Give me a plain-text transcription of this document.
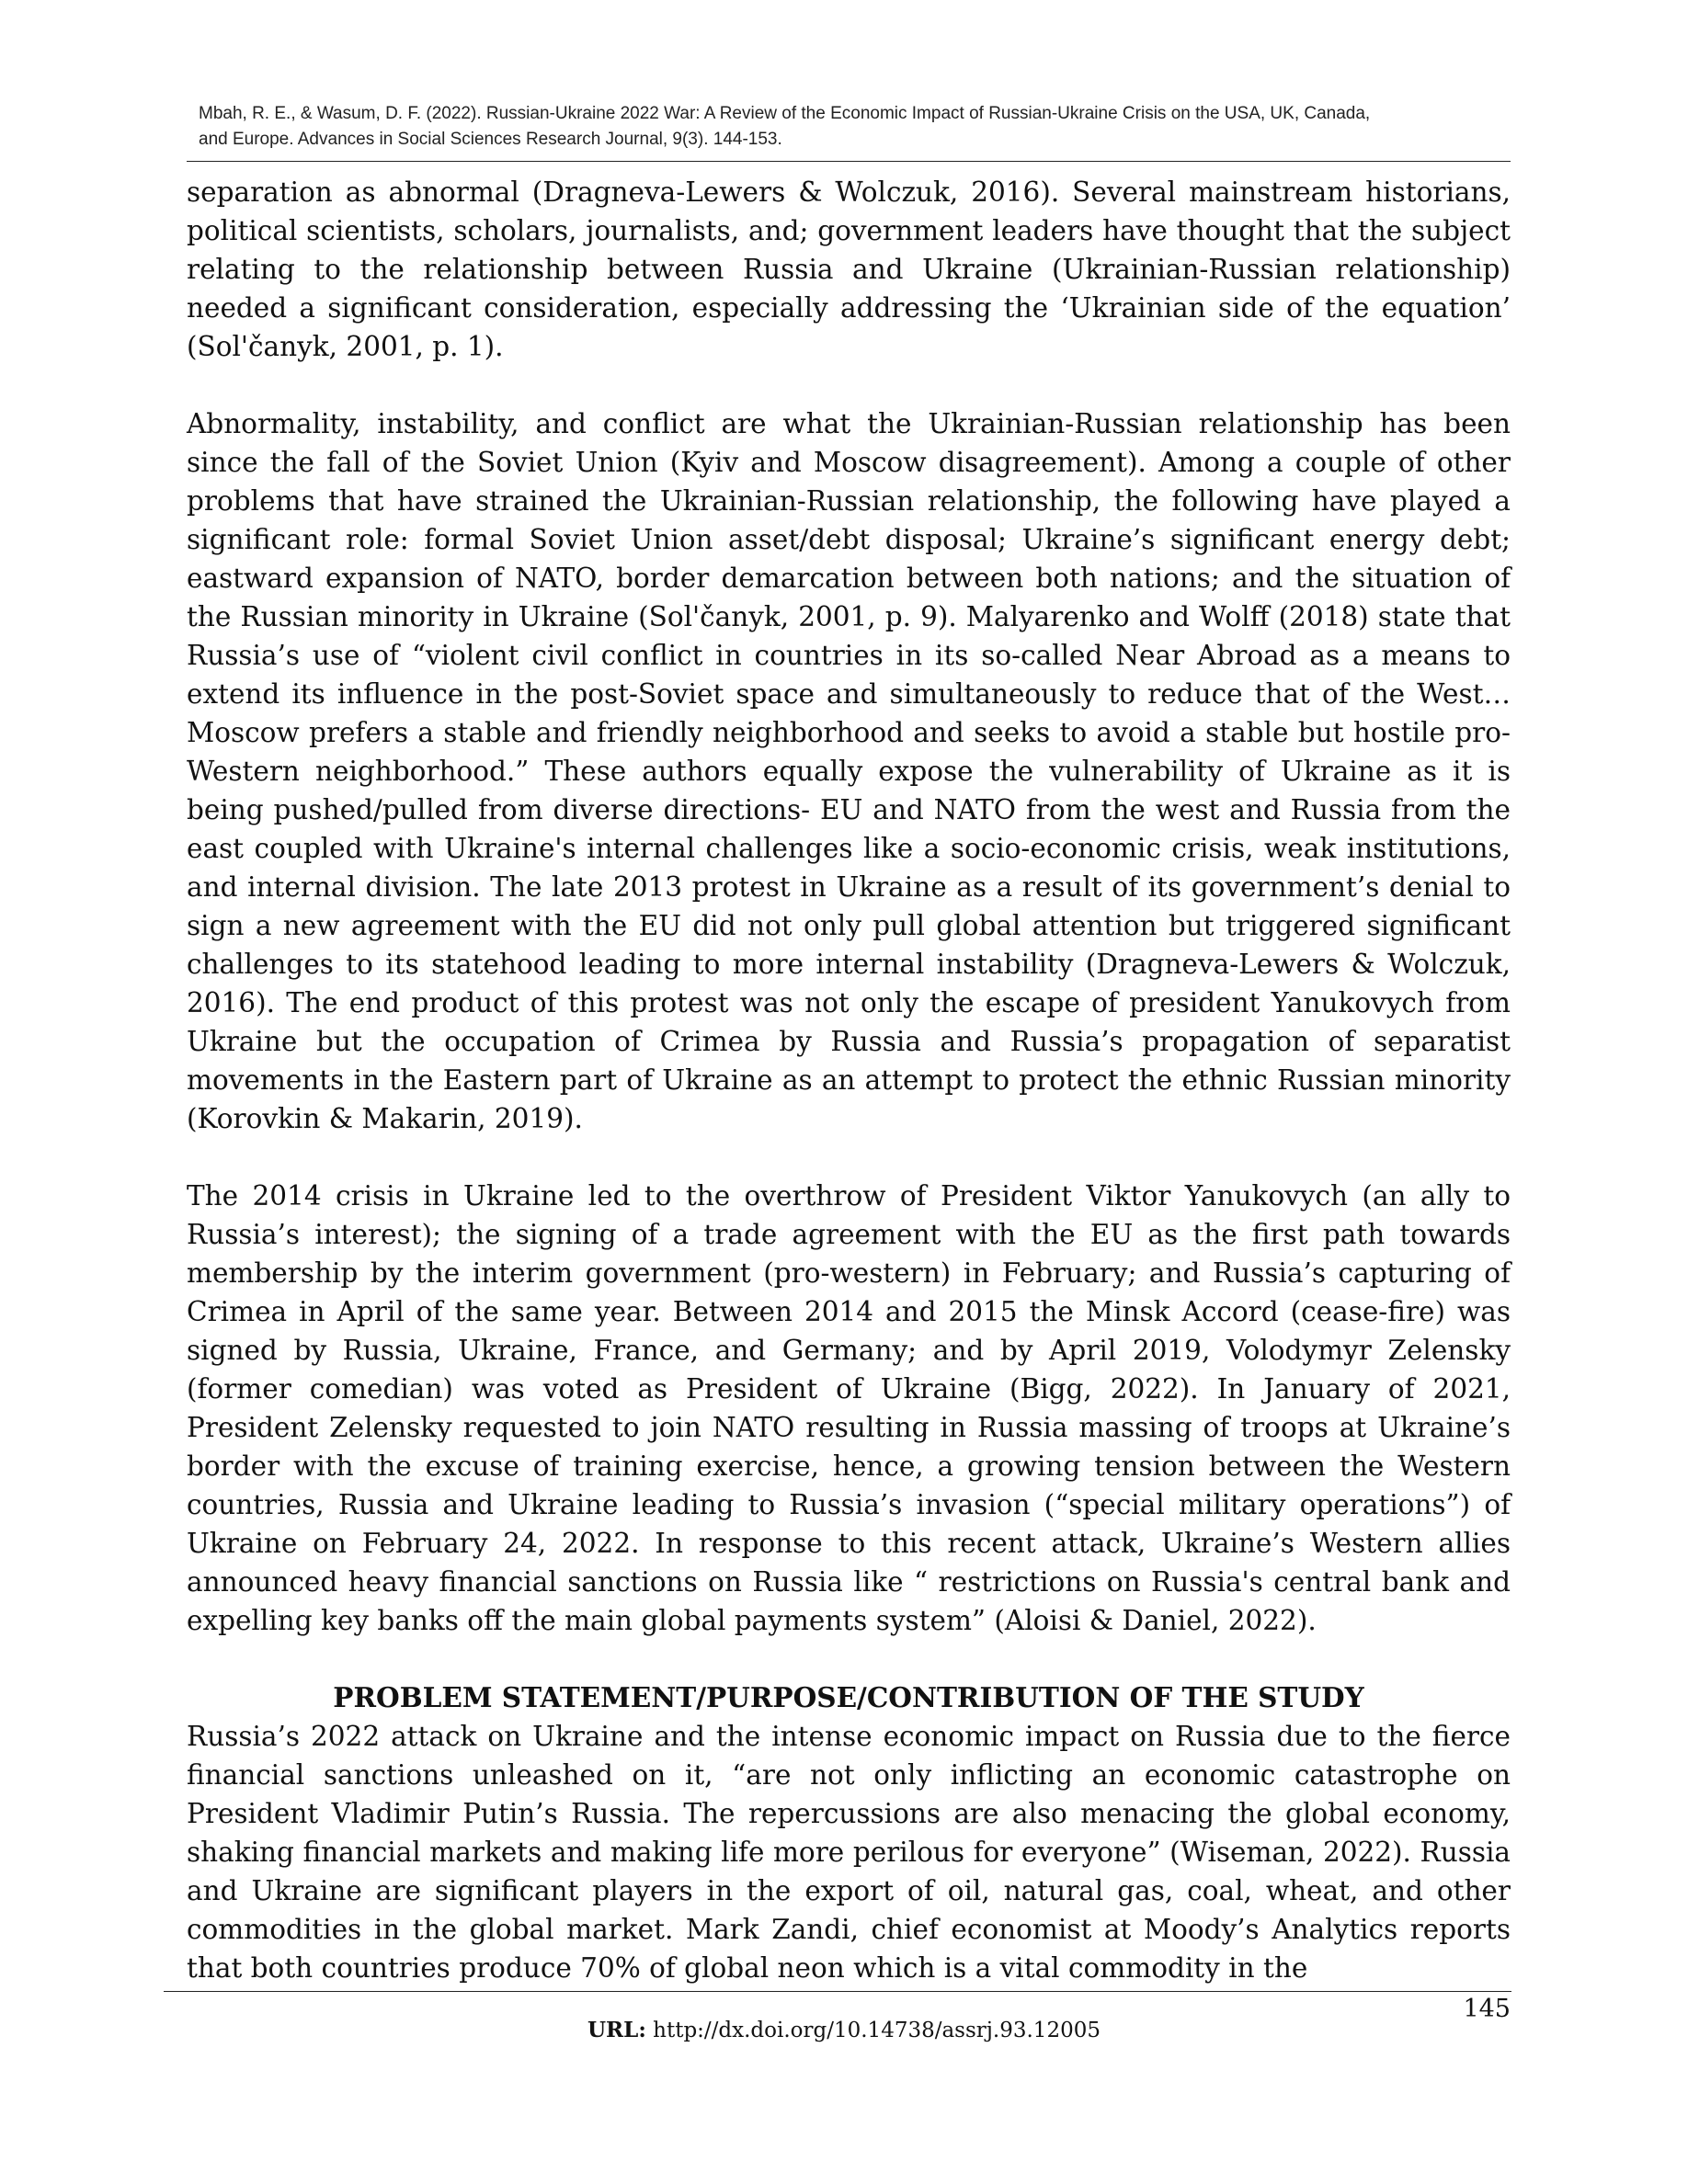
Mbah, R. E., & Wasum, D. F. (2022). Russian-Ukraine 2022 War: A Review of the Economic Impact of Russian-Ukraine Crisis on the USA, UK, Canada,
and Europe. Advances in Social Sciences Research Journal, 9(3). 144-153.

separation as abnormal (Dragneva-Lewers & Wolczuk, 2016). Several mainstream historians, political scientists, scholars, journalists, and; government leaders have thought that the subject relating to the relationship between Russia and Ukraine (Ukrainian-Russian relationship) needed a significant consideration, especially addressing the ‘Ukrainian side of the equation’ (Sol'čanyk, 2001, p. 1).

Abnormality, instability, and conflict are what the Ukrainian-Russian relationship has been since the fall of the Soviet Union (Kyiv and Moscow disagreement). Among a couple of other problems that have strained the Ukrainian-Russian relationship, the following have played a significant role: formal Soviet Union asset/debt disposal; Ukraine’s significant energy debt; eastward expansion of NATO, border demarcation between both nations; and the situation of the Russian minority in Ukraine (Sol'čanyk, 2001, p. 9). Malyarenko and Wolff (2018) state that Russia’s use of “violent civil conflict in countries in its so-called Near Abroad as a means to extend its influence in the post-Soviet space and simultaneously to reduce that of the West… Moscow prefers a stable and friendly neighborhood and seeks to avoid a stable but hostile pro-Western neighborhood.” These authors equally expose the vulnerability of Ukraine as it is being pushed/pulled from diverse directions- EU and NATO from the west and Russia from the east coupled with Ukraine's internal challenges like a socio-economic crisis, weak institutions, and internal division. The late 2013 protest in Ukraine as a result of its government’s denial to sign a new agreement with the EU did not only pull global attention but triggered significant challenges to its statehood leading to more internal instability (Dragneva-Lewers & Wolczuk, 2016). The end product of this protest was not only the escape of president Yanukovych from Ukraine but the occupation of Crimea by Russia and Russia’s propagation of separatist movements in the Eastern part of Ukraine as an attempt to protect the ethnic Russian minority (Korovkin & Makarin, 2019).

The 2014 crisis in Ukraine led to the overthrow of President Viktor Yanukovych (an ally to Russia’s interest); the signing of a trade agreement with the EU as the first path towards membership by the interim government (pro-western) in February; and Russia’s capturing of Crimea in April of the same year. Between 2014 and 2015 the Minsk Accord (cease-fire) was signed by Russia, Ukraine, France, and Germany; and by April 2019, Volodymyr Zelensky (former comedian) was voted as President of Ukraine (Bigg, 2022). In January of 2021, President Zelensky requested to join NATO resulting in Russia massing of troops at Ukraine’s border with the excuse of training exercise, hence, a growing tension between the Western countries, Russia and Ukraine leading to Russia’s invasion (“special military operations”) of Ukraine on February 24, 2022. In response to this recent attack, Ukraine’s Western allies announced heavy financial sanctions on Russia like “ restrictions on Russia's central bank and expelling key banks off the main global payments system” (Aloisi & Daniel, 2022).

PROBLEM STATEMENT/PURPOSE/CONTRIBUTION OF THE STUDY

Russia’s 2022 attack on Ukraine and the intense economic impact on Russia due to the fierce financial sanctions unleashed on it, “are not only inflicting an economic catastrophe on President Vladimir Putin’s Russia. The repercussions are also menacing the global economy, shaking financial markets and making life more perilous for everyone” (Wiseman, 2022). Russia and Ukraine are significant players in the export of oil, natural gas, coal, wheat, and other commodities in the global market. Mark Zandi, chief economist at Moody’s Analytics reports that both countries produce 70% of global neon which is a vital commodity in the

145
URL: http://dx.doi.org/10.14738/assrj.93.12005
